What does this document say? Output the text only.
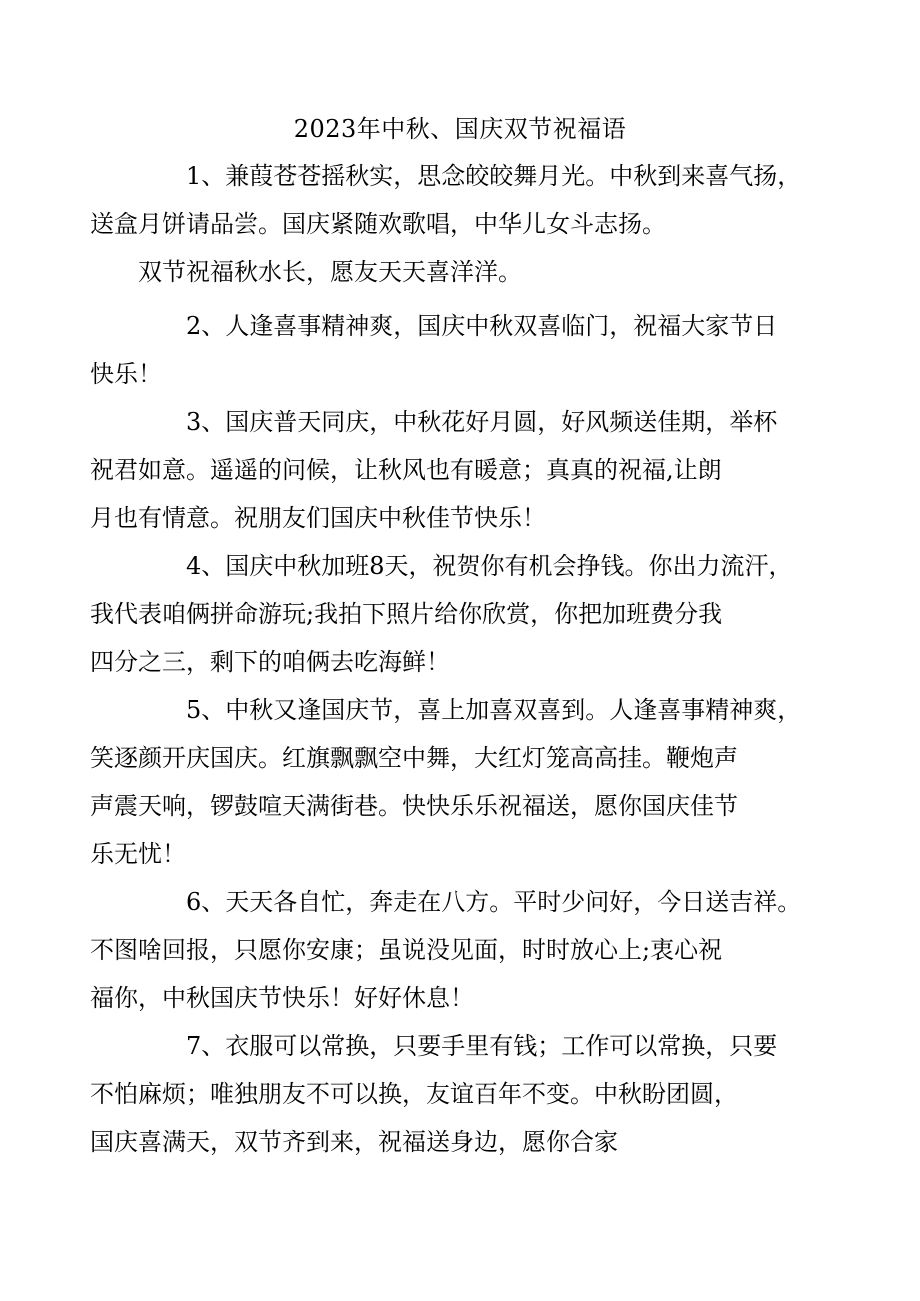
2023年中秋、国庆双节祝福语
1、兼葭苍苍摇秋实，思念皎皎舞月光。中秋到来喜气扬，
送盒月饼请品尝。国庆紧随欢歌唱，中华儿女斗志扬。
双节祝福秋水长，愿友天天喜洋洋。
2、人逢喜事精神爽，国庆中秋双喜临门，祝福大家节日
快乐！
3、国庆普天同庆，中秋花好月圆，好风频送佳期，举杯
祝君如意。遥遥的问候，让秋风也有暖意；真真的祝福,让朗
月也有情意。祝朋友们国庆中秋佳节快乐！
4、国庆中秋加班8天，祝贺你有机会挣钱。你出力流汗，
我代表咱俩拼命游玩;我拍下照片给你欣赏，你把加班费分我
四分之三，剩下的咱俩去吃海鲜！
5、中秋又逢国庆节，喜上加喜双喜到。人逢喜事精神爽，
笑逐颜开庆国庆。红旗飘飘空中舞，大红灯笼高高挂。鞭炮声
声震天响，锣鼓喧天满街巷。快快乐乐祝福送，愿你国庆佳节
乐无忧！
6、天天各自忙，奔走在八方。平时少问好，今日送吉祥。
不图啥回报，只愿你安康；虽说没见面，时时放心上;衷心祝
福你，中秋国庆节快乐！好好休息！
7、衣服可以常换，只要手里有钱；工作可以常换，只要
不怕麻烦；唯独朋友不可以换，友谊百年不变。中秋盼团圆，
国庆喜满天，双节齐到来，祝福送身边，愿你合家
